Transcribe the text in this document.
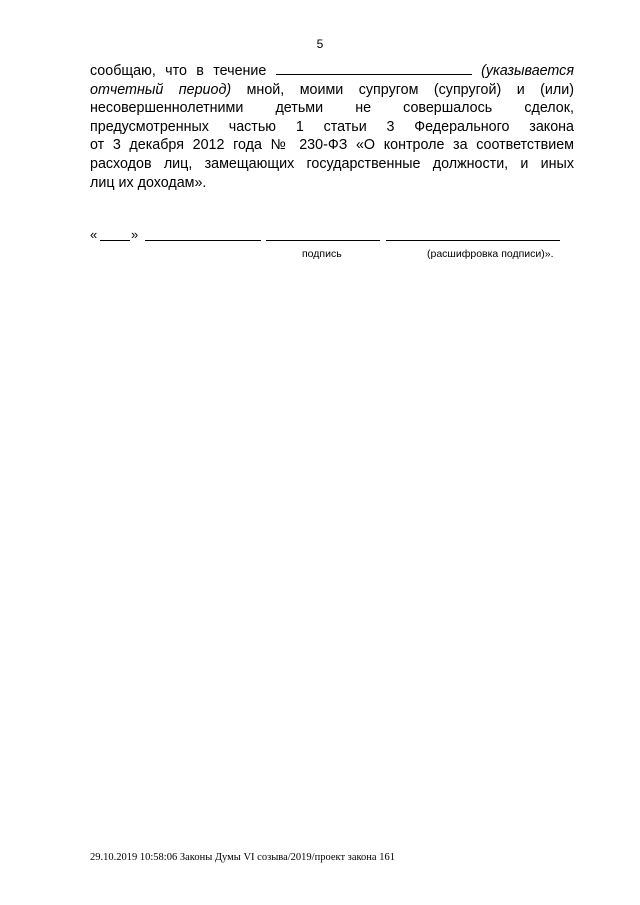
5
сообщаю, что в течение	(указывается
отчетный период) мной, моими супругом (супругой) и (или)
несовершеннолетними детьми не совершалось сделок,
предусмотренных частью 1 статьи 3 Федерального закона
от 3 декабря 2012 года № 230-ФЗ «О контроле за соответствием
расходов лиц, замещающих государственные должности, и иных
лиц их доходам».
«	»
подпись	(расшифровка подписи)».
29.10.2019 10:58:06 Законы Думы VI созыва/2019/проект закона 161
